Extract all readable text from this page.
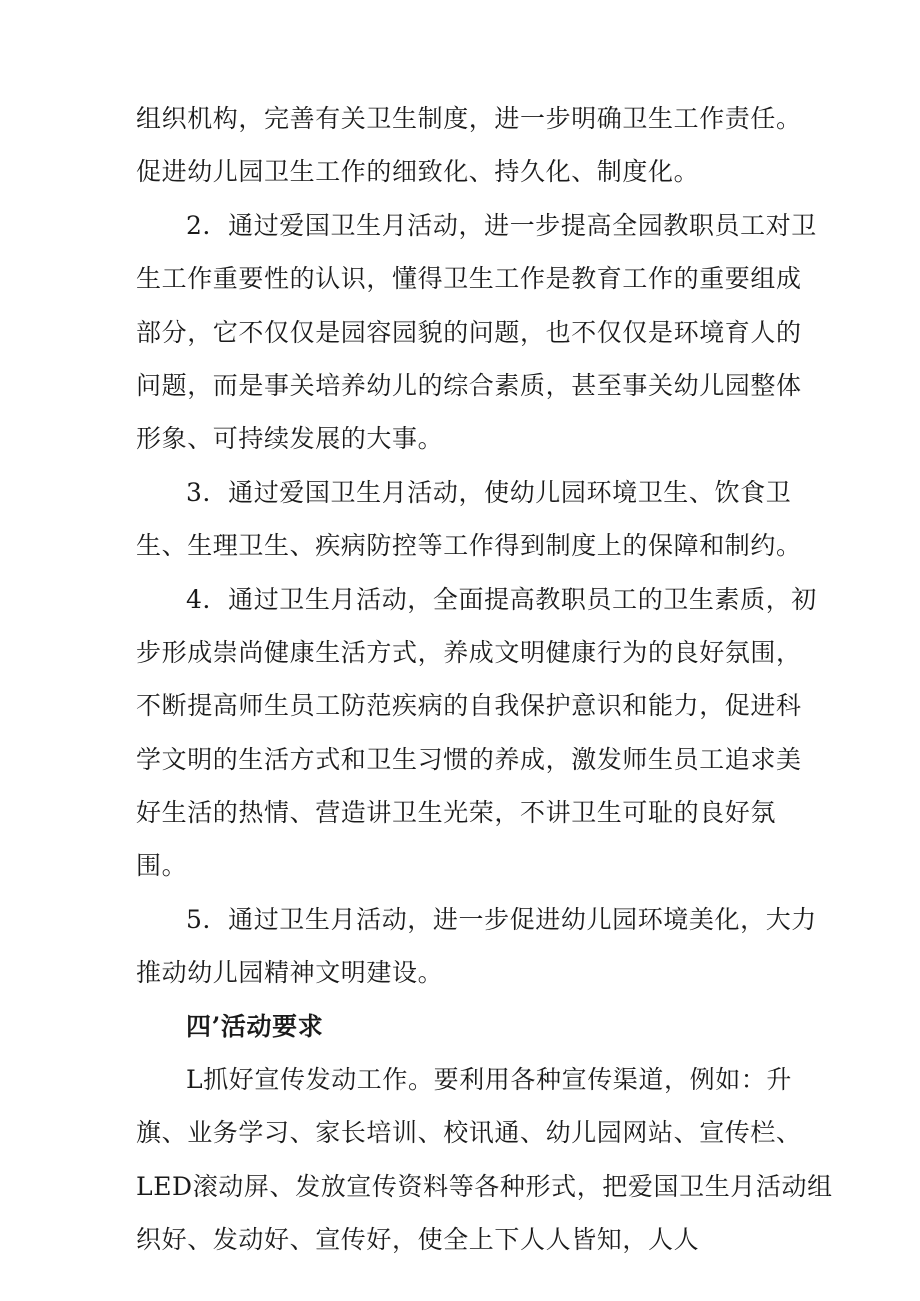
组织机构，完善有关卫生制度，进一步明确卫生工作责任。
促进幼儿园卫生工作的细致化、持久化、制度化。
2．通过爱国卫生月活动，进一步提高全园教职员工对卫
生工作重要性的认识，懂得卫生工作是教育工作的重要组成
部分，它不仅仅是园容园貌的问题，也不仅仅是环境育人的
问题，而是事关培养幼儿的综合素质，甚至事关幼儿园整体
形象、可持续发展的大事。
3．通过爱国卫生月活动，使幼儿园环境卫生、饮食卫
生、生理卫生、疾病防控等工作得到制度上的保障和制约。
4．通过卫生月活动，全面提高教职员工的卫生素质，初
步形成崇尚健康生活方式，养成文明健康行为的良好氛围，
不断提高师生员工防范疾病的自我保护意识和能力，促进科
学文明的生活方式和卫生习惯的养成，激发师生员工追求美
好生活的热情、营造讲卫生光荣，不讲卫生可耻的良好氛
围。
5．通过卫生月活动，进一步促进幼儿园环境美化，大力
推动幼儿园精神文明建设。
四’活动要求
L抓好宣传发动工作。要利用各种宣传渠道，例如：升
旗、业务学习、家长培训、校讯通、幼儿园网站、宣传栏、
LED滚动屏、发放宣传资料等各种形式，把爱国卫生月活动组
织好、发动好、宣传好，使全上下人人皆知，人人
